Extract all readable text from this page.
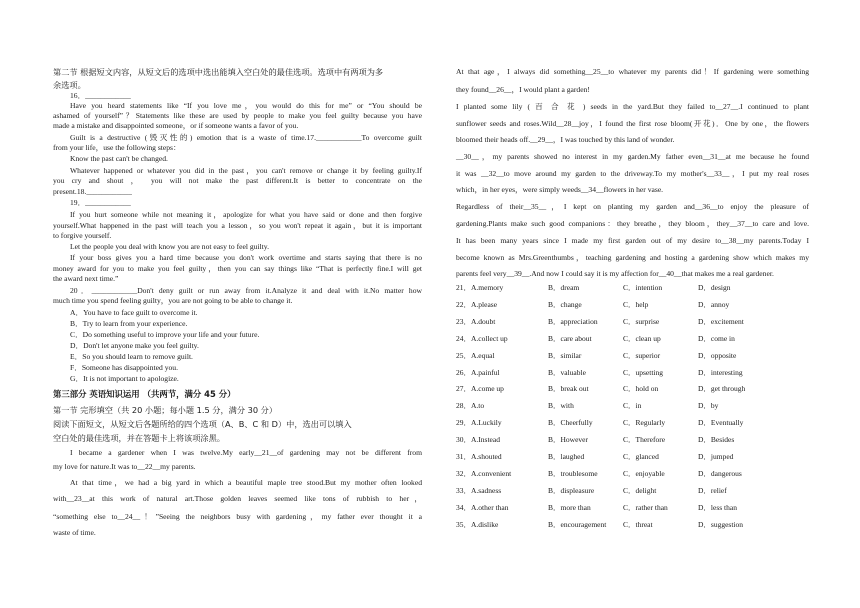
第二节 根据短文内容，从短文后的选项中选出能填入空白处的最佳选项。选项中有两项为多
余选项。
16．____________
Have you heard statements like “If you love me，you would do this for me” or “You should be
ashamed of yourself”？Statements like these are used by people to make you feel guilty because you have
made a mistake and disappointed someone，or if someone wants a favor of you.
Guilt is a destructive (毁灭性的) emotion that is a waste of time.17.____________To overcome guilt
from your life，use the following steps：
Know the past can't be changed.
Whatever happened or whatever you did in the past，you can't remove or change it by feeling guilty.If
you cry and shout ， you will not make the past different.It is better to concentrate on the
present.18.____________
19．____________
If you hurt someone while not meaning it，apologize for what you have said or done and then forgive
yourself.What happened in the past will teach you a lesson，so you won't repeat it again，but it is important
to forgive yourself.
Let the people you deal with know you are not easy to feel guilty.
If your boss gives you a hard time because you don't work overtime and starts saying that there is no
money award for you to make you feel guilty，then you can say things like “That is perfectly fine.I will get
the award next time.”
20．____________Don't deny guilt or run away from it.Analyze it and deal with it.No matter how
much time you spend feeling guilty，you are not going to be able to change it.
A．You have to face guilt to overcome it.
B．Try to learn from your experience.
C．Do something useful to improve your life and your future.
D．Don't let anyone make you feel guilty.
E．So you should learn to remove guilt.
F．Someone has disappointed you.
G．It is not important to apologize.
第三部分 英语知识运用 （共两节，满分 45 分）
第一节 完形填空（共 20 小题；每小题 1.5 分，满分 30 分）
阅读下面短文，从短文后各题所给的四个选项（A、B、C 和 D）中，选出可以填入
空白处的最佳选项，并在答题卡上将该项涂黑。
I became a gardener when I was twelve.My early__21__of gardening may not be different from
my love for nature.It was to__22__my parents.
At that time，we had a big yard in which a beautiful maple tree stood.But my mother often looked
with__23__at this work of natural art.Those golden leaves seemed like tons of rubbish to her，
“something else to__24__！”Seeing the neighbors busy with gardening，my father ever thought it a
waste of time.
At that age，I always did something__25__to whatever my parents did！If gardening were something
they found__26__，I would plant a garden!
I planted some lily ( 百 合 花 ) seeds in the yard.But they failed to__27__.I continued to plant
sunflower seeds and roses.Wild__28__joy，I found the first rose bloom(开花)．One by one，the flowers
bloomed their heads off.__29__，I was touched by this land of wonder.
__30__，my parents showed no interest in my garden.My father even__31__at me because he found
it was __32__to move around my garden to the driveway.To my mother's__33__，I put my real roses
which，in her eyes，were simply weeds__34__flowers in her vase.
Regardless of their__35__，I kept on planting my garden and__36__to enjoy the pleasure of
gardening.Plants make such good companions：they breathe，they bloom，they__37__to care and love.
It has been many years since I made my first garden out of my desire to__38__my parents.Today I
become known as Mrs.Greenthumbs，teaching gardening and hosting a gardening show which makes my
parents feel very__39__.And now I could say it is my affection for__40__that makes me a real gardener.
21．A.memory	B．dream	C．intention	D．design
22．A.please	B．change	C．help	D．annoy
23．A.doubt	B．appreciation	C．surprise	D．excitement
24．A.collect up	B．care about	C．clean up	D．come in
25．A.equal	B．similar	C．superior	D．opposite
26．A.painful	B．valuable	C．upsetting	D．interesting
27．A.come up	B．break out	C．hold on	D．get through
28．A.to	B．with	C．in	D．by
29．A.Luckily	B．Cheerfully	C．Regularly	D．Eventually
30．A.Instead	B．However	C．Therefore	D．Besides
31．A.shouted	B．laughed	C．glanced	D．jumped
32．A.convenient	B．troublesome	C．enjoyable	D．dangerous
33．A.sadness	B．displeasure	C．delight	D．relief
34．A.other than	B．more than	C．rather than	D．less than
35．A.dislike	B．encouragement C．threat	D．suggestion
